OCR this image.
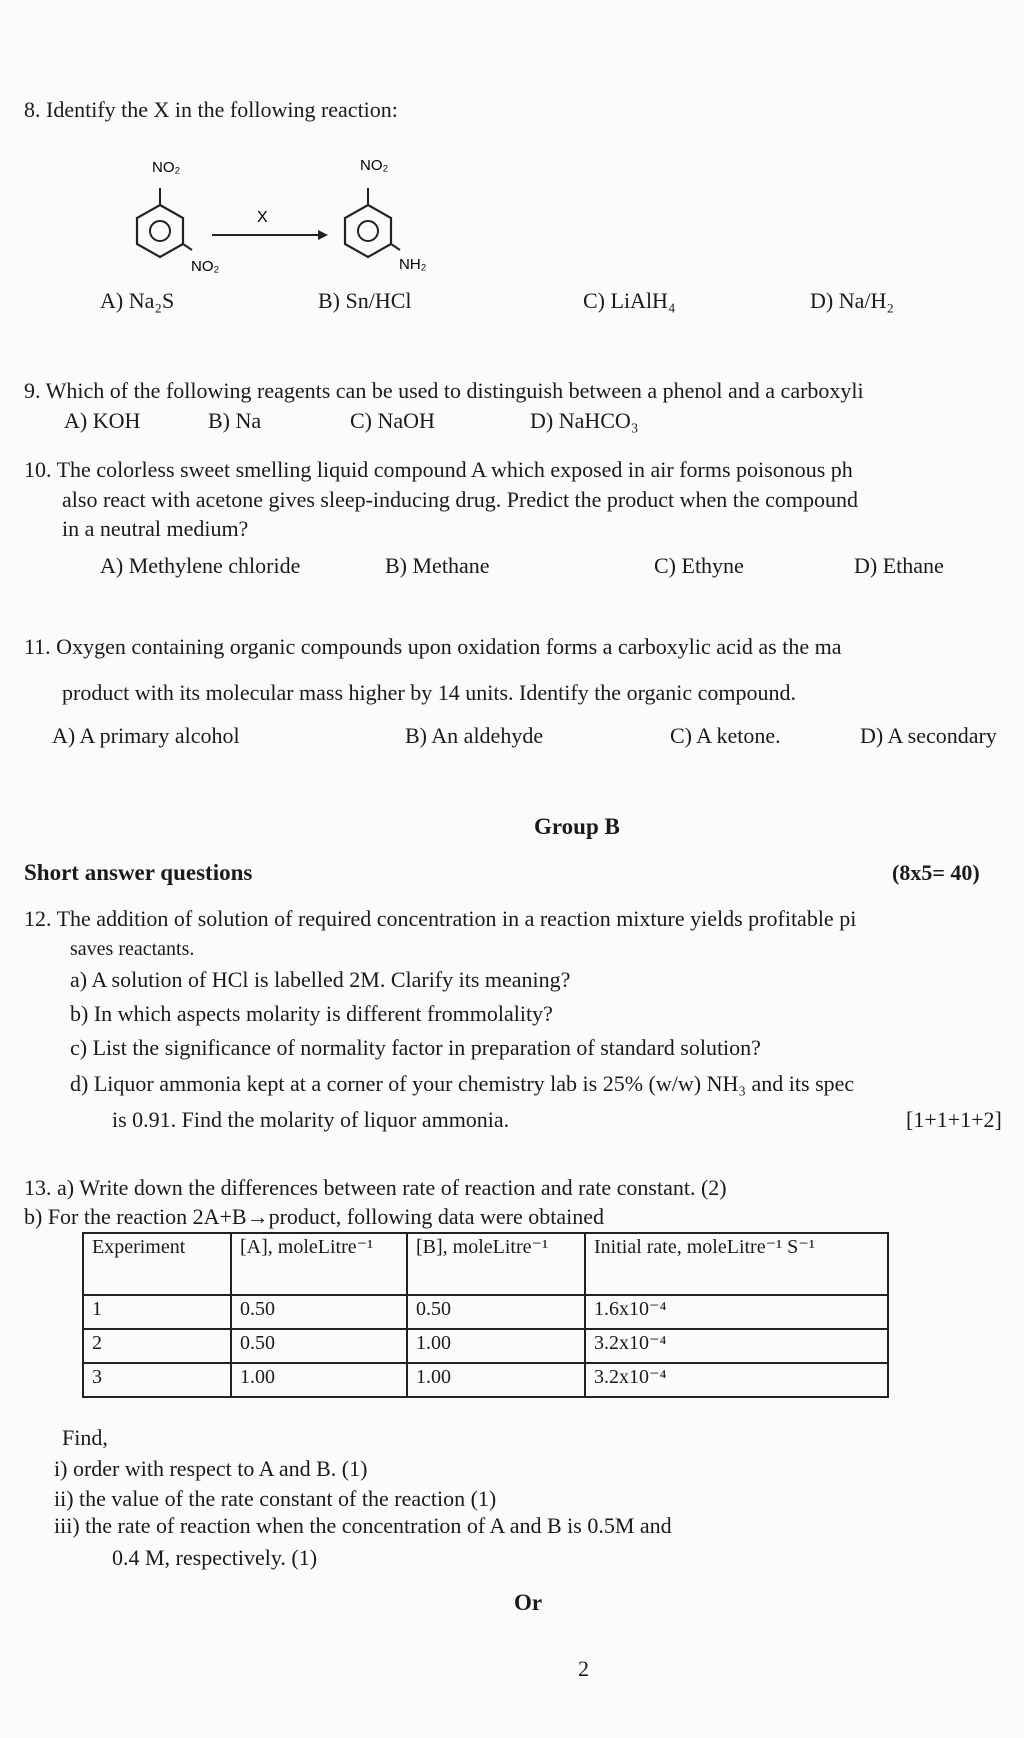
8. Identify the X in the following reaction:
NO₂
NO₂
X
NO₂
NH₂
A) Na₂S	B) Sn/HCl	C) LiAlH₄	D) Na/H₂
9. Which of the following reagents can be used to distinguish between a phenol and a carboxyli
A) KOH	B) Na	C) NaOH	D) NaHCO₃
10. The colorless sweet smelling liquid compound A which exposed in air forms poisonous ph
also react with acetone gives sleep-inducing drug. Predict the product when the compound
in a neutral medium?
A) Methylene chloride	B) Methane	C) Ethyne	D) Ethane
11. Oxygen containing organic compounds upon oxidation forms a carboxylic acid as the ma
product with its molecular mass higher by 14 units. Identify the organic compound.
A) A primary alcohol	B) An aldehyde	C) A ketone.	D) A secondary
Group B
Short answer questions	(8x5= 40)
12. The addition of solution of required concentration in a reaction mixture yields profitable pi
saves reactants.
a) A solution of HCl is labelled 2M. Clarify its meaning?
b) In which aspects molarity is different frommolality?
c) List the significance of normality factor in preparation of standard solution?
d) Liquor ammonia kept at a corner of your chemistry lab is 25% (w/w) NH₃ and its spec
is 0.91. Find the molarity of liquor ammonia.	[1+1+1+2]
13. a) Write down the differences between rate of reaction and rate constant. (2)
b) For the reaction 2A+B→product, following data were obtained
Experiment	[A], moleLitre⁻¹	[B], moleLitre⁻¹	Initial rate, moleLitre⁻¹ S⁻¹
1	0.50	0.50	1.6x10⁻⁴
2	0.50	1.00	3.2x10⁻⁴
3	1.00	1.00	3.2x10⁻⁴
Find,
i) order with respect to A and B. (1)
ii) the value of the rate constant of the reaction (1)
iii) the rate of reaction when the concentration of A and B is 0.5M and
0.4 M, respectively. (1)
Or
2
